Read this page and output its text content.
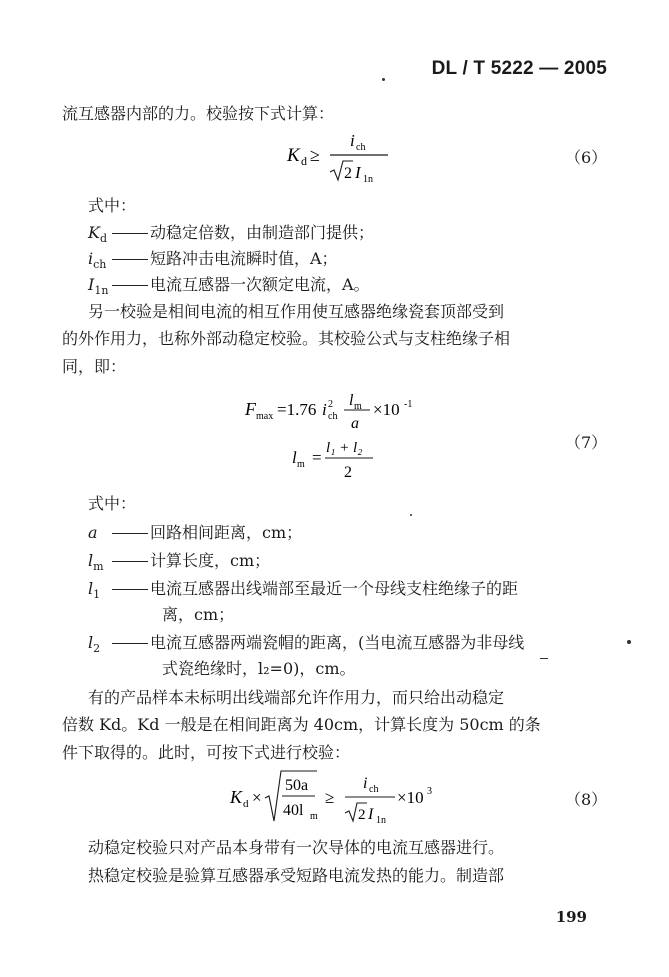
DL / T 5222 — 2005
流互感器内部的力。校验按下式计算：
K d ≥
i ch
2 I 1n
（6）
式中：
$K_d$	动稳定倍数，由制造部门提供；
$i_{ch}$	短路冲击电流瞬时值，A；
$I_{1n}$	电流互感器一次额定电流，A。
另一校验是相间电流的相互作用使互感器绝缘瓷套顶部受到
的外作用力，也称外部动稳定校验。其校验公式与支柱绝缘子相
同，即：
F max =1.76 i 2
ch
l m
a
×10 -1
l m = l₁ + l₂
2
（7）
式中：
a	回路相间距离，cm；
$l_m$	计算长度，cm；
$l_1$	电流互感器出线端部至最近一个母线支柱绝缘子的距
离，cm；
$l_2$	电流互感器两端瓷帽的距离，(当电流互感器为非母线
式瓷绝缘时，l₂=0)，cm。
有的产品样本未标明出线端部允许作用力，而只给出动稳定
倍数 Kd。Kd 一般是在相间距离为 40cm，计算长度为 50cm 的条
件下取得的。此时，可按下式进行校验：
K d ×
50a
40l m
≥
i ch
2 I 1n
×10 3	（8）
动稳定校验只对产品本身带有一次导体的电流互感器进行。
热稳定校验是验算互感器承受短路电流发热的能力。制造部
199
